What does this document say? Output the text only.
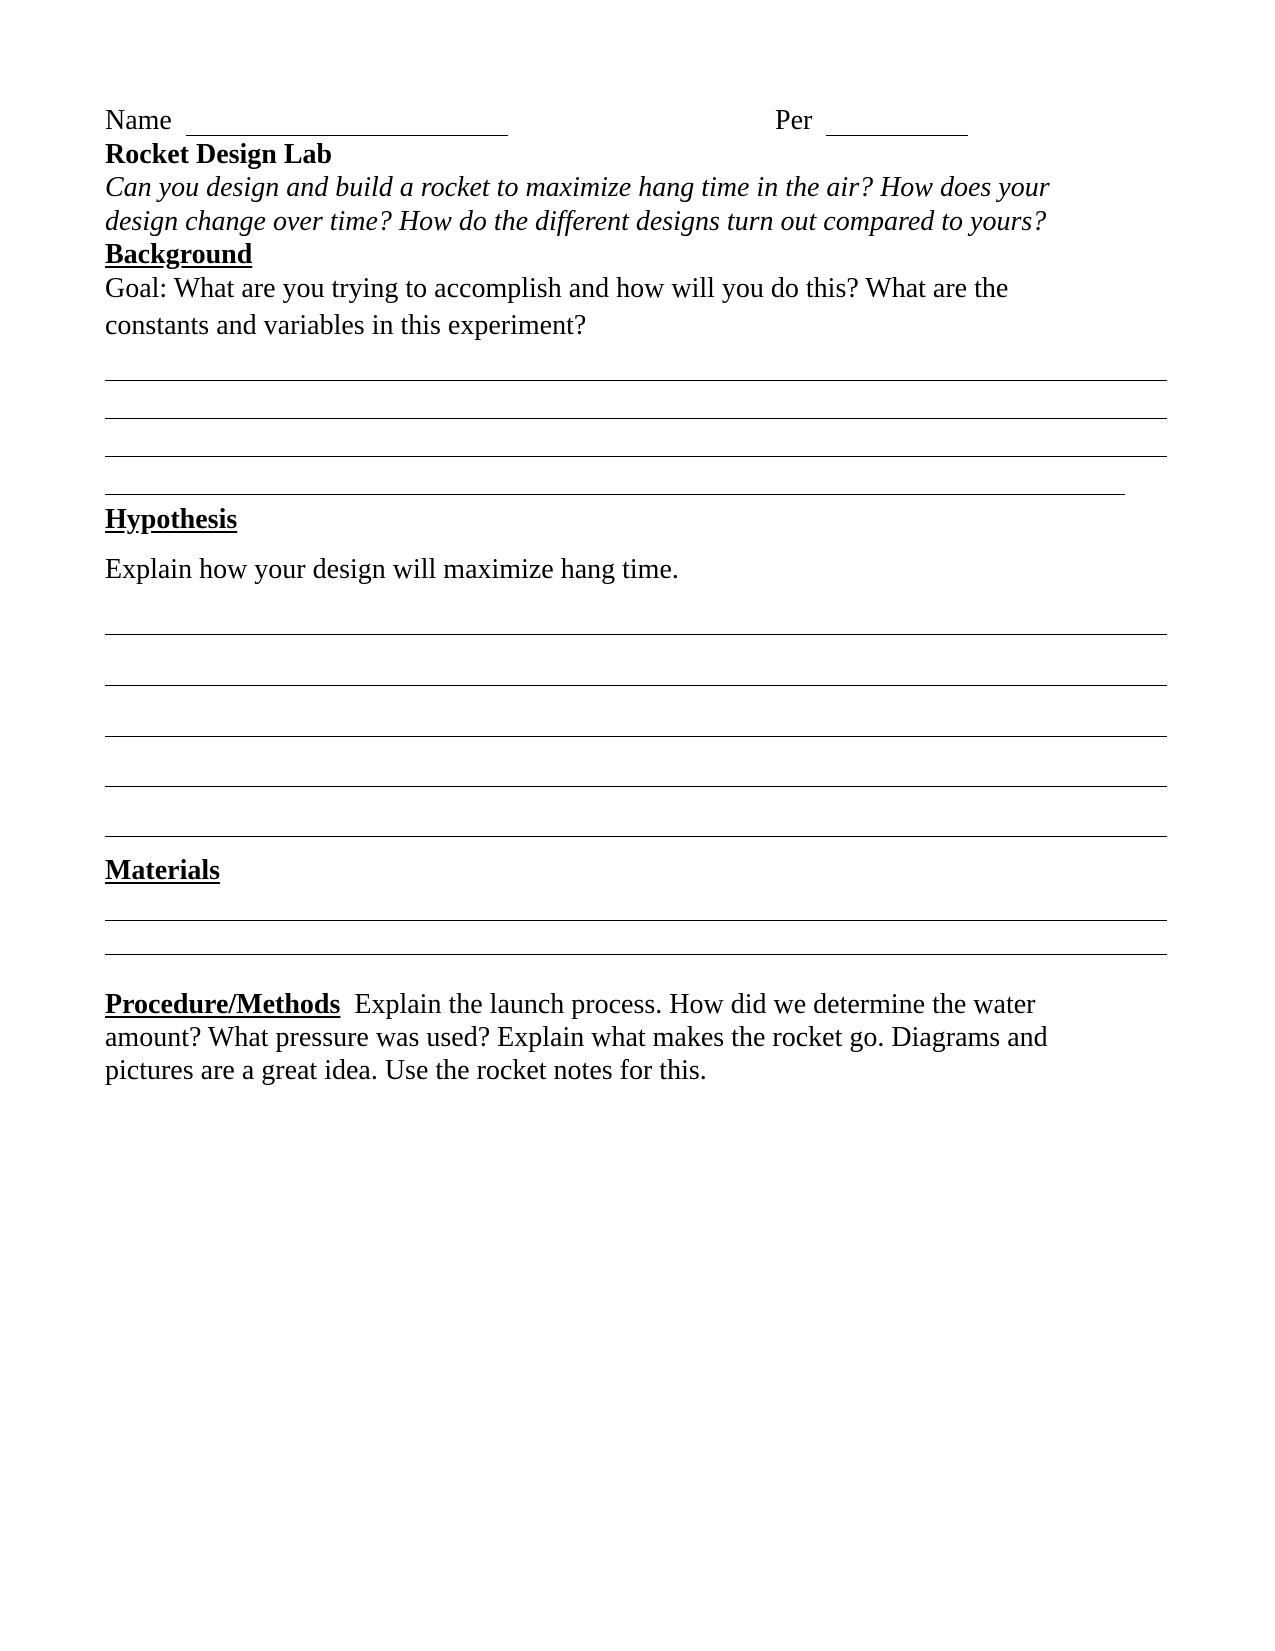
Name	Per
Rocket Design Lab
Can you design and build a rocket to maximize hang time in the air? How does your
design change over time? How do the different designs turn out compared to yours?
Background
Goal: What are you trying to accomplish and how will you do this? What are the
constants and variables in this experiment?
Hypothesis
Explain how your design will maximize hang time.
Materials
Procedure/Methods Explain the launch process. How did we determine the water
amount? What pressure was used? Explain what makes the rocket go. Diagrams and
pictures are a great idea. Use the rocket notes for this.
